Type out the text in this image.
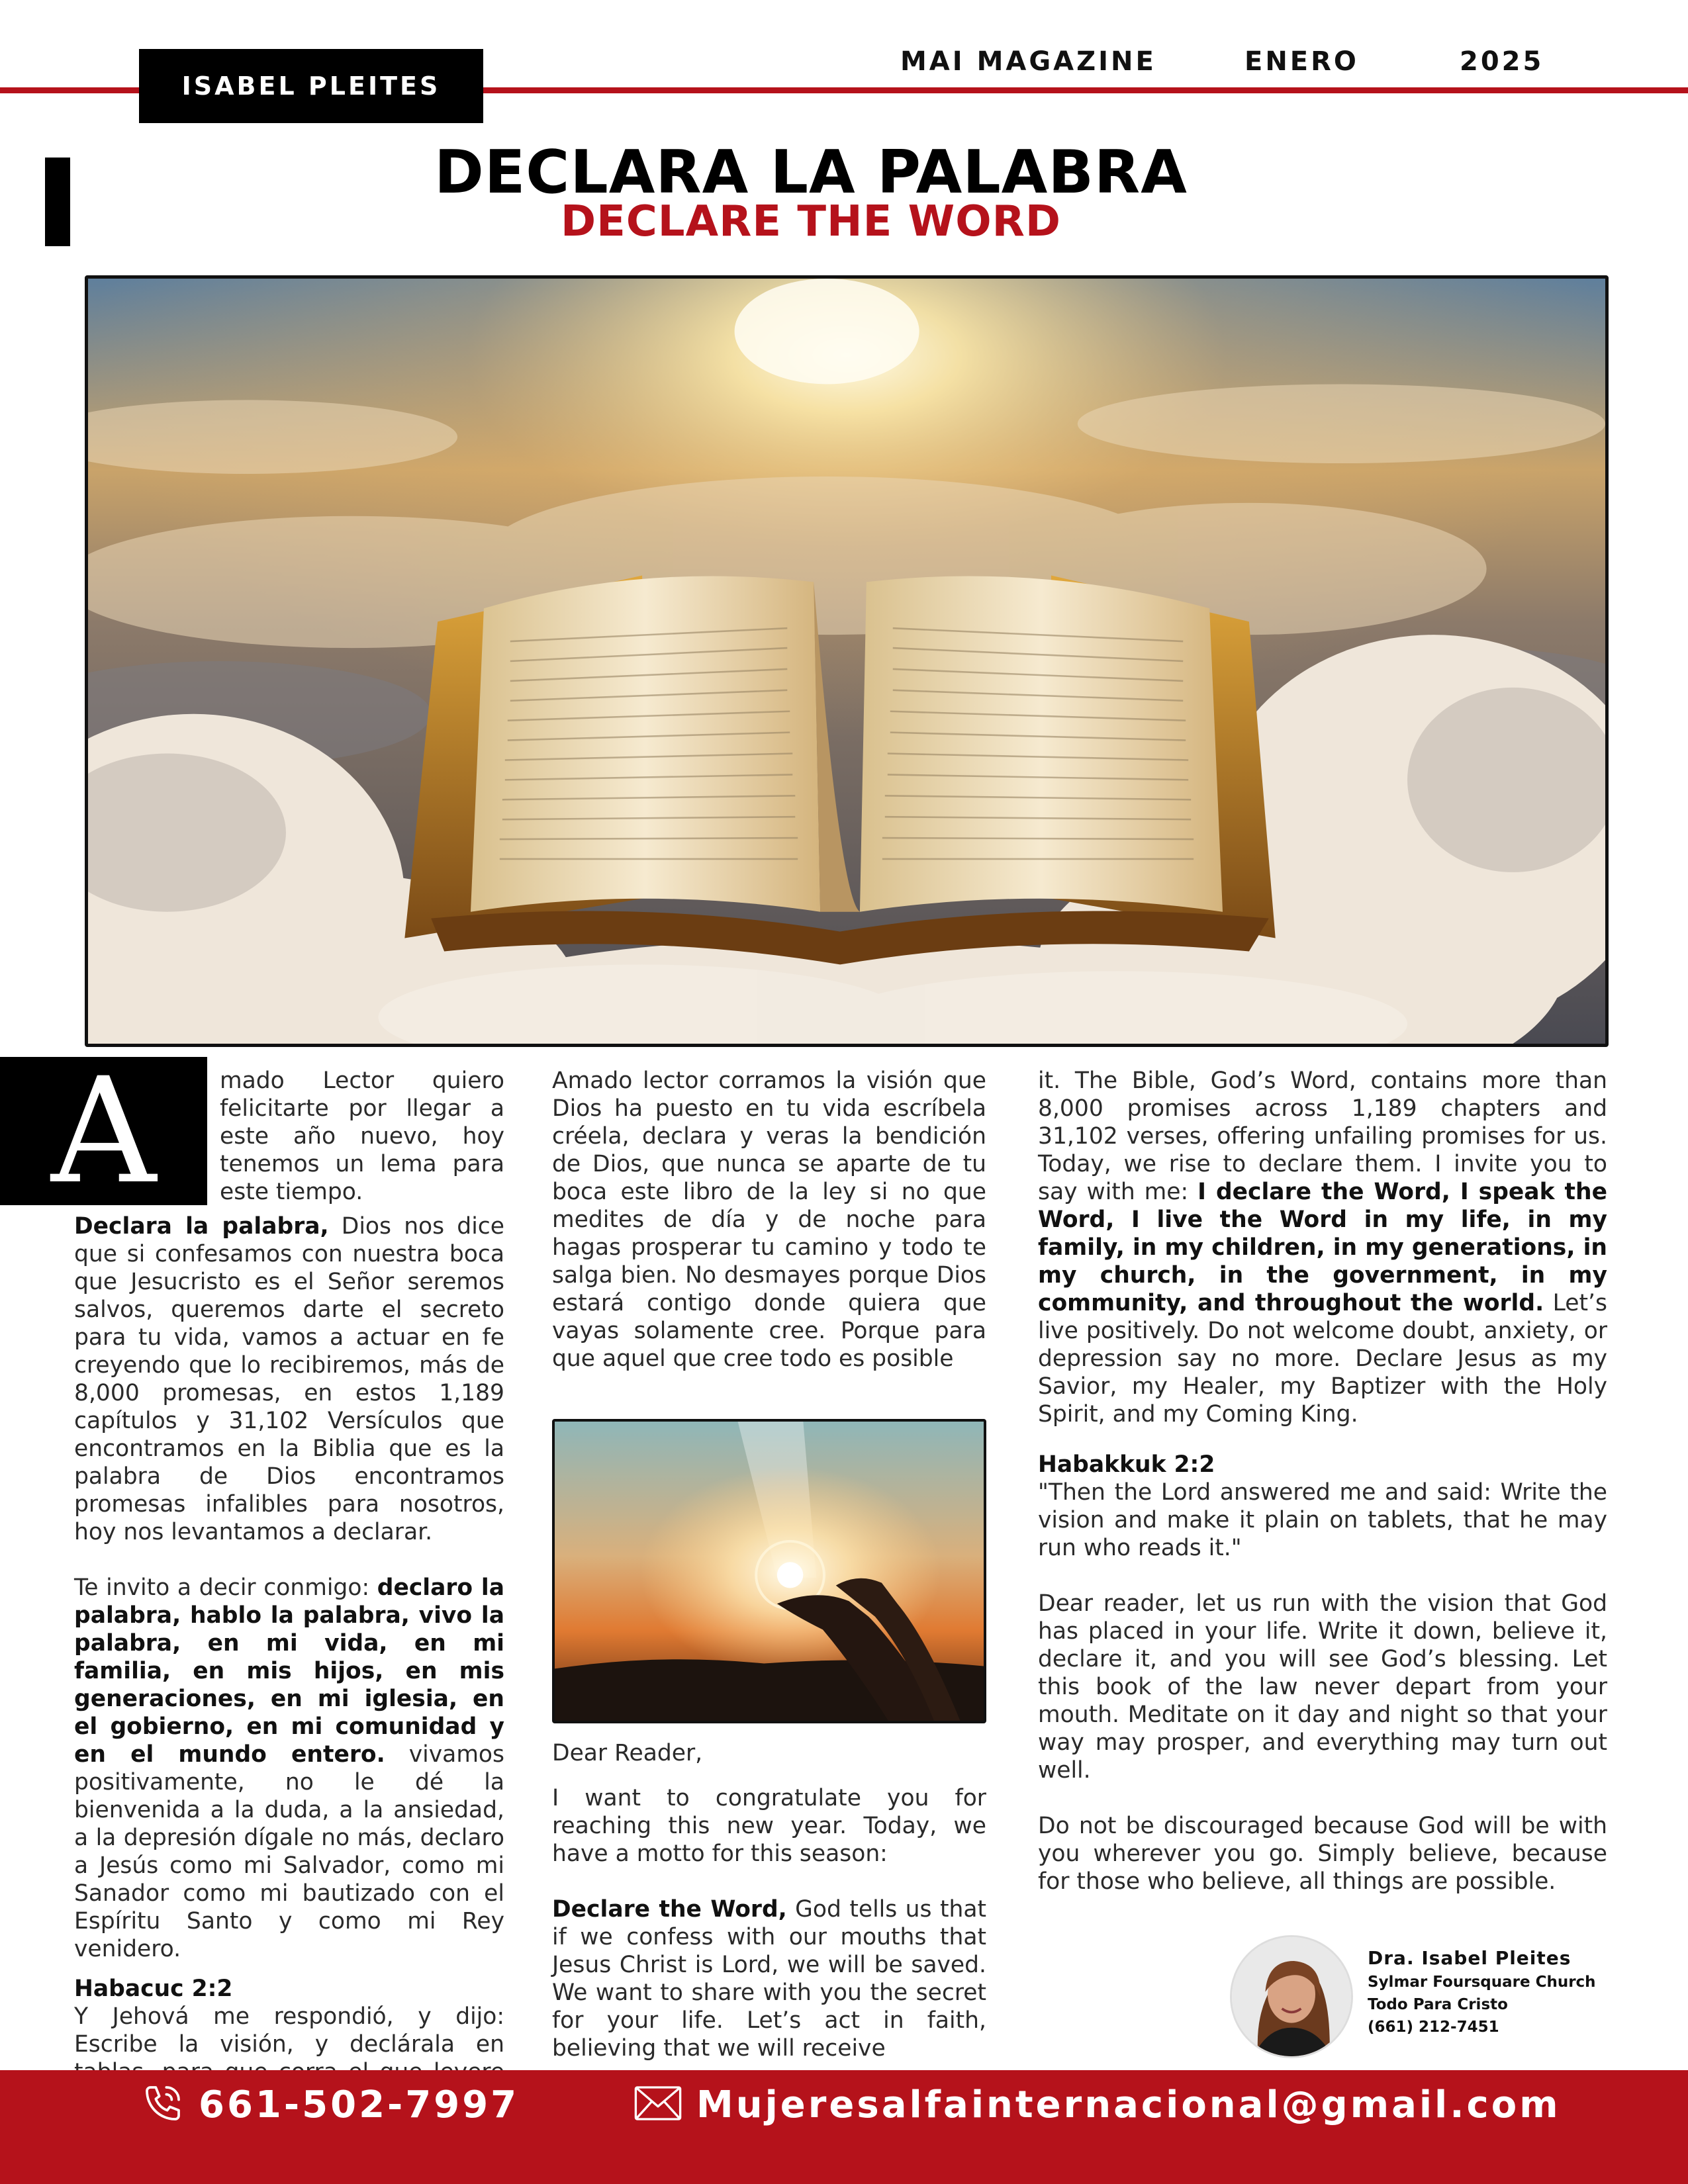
ISABEL PLEITES
MAI MAGAZINE	ENERO	2025
DECLARA LA PALABRA
DECLARE THE WORD
A	mado Lector quiero felicitarte por llegar a este año nuevo, hoy tenemos un lema para este tiempo.

Declara la palabra, Dios nos dice que si confesamos con nuestra boca que Jesucristo es el Señor seremos salvos, queremos darte el secreto para tu vida, vamos a actuar en fe creyendo que lo recibiremos, más de 8,000 promesas, en estos 1,189 capítulos y 31,102 Versículos que encontramos en la Biblia que es la palabra de Dios encontramos promesas infalibles para nosotros, hoy nos levantamos a declarar.

Te invito a decir conmigo: declaro la palabra, hablo la palabra, vivo la palabra, en mi vida, en mi familia, en mis hijos, en mis generaciones, en mi iglesia, en el gobierno, en mi comunidad y en el mundo entero. vivamos positivamente, no le dé la bienvenida a la duda, a la ansiedad, a la depresión dígale no más, declaro a Jesús como mi Salvador, como mi Sanador como mi bautizado con el Espíritu Santo y como mi Rey venidero.

Habacuc 2:2

Y Jehová me respondió, y dijo: Escribe la visión, y declárala en

Amado lector corramos la visión que Dios ha puesto en tu vida escríbela créela, declara y veras la bendición de Dios, que nunca se aparte de tu boca este libro de la ley si no que medites de día y de noche para hagas prosperar tu camino y todo te salga bien. No desmayes porque Dios estará contigo donde quiera que vayas solamente cree. Porque para que aquel que cree todo es posible

Dear Reader,

I want to congratulate you for reaching this new year. Today, we have a motto for this season:

Declare the Word, God tells us that if we confess with our mouths that Jesus Christ is Lord, we will be saved. We want to share with you the secret for your life. Let’s act in faith, believing that we will receive

it. The Bible, God’s Word, contains more than 8,000 promises across 1,189 chapters and 31,102 verses, offering unfailing promises for us. Today, we rise to declare them. I invite you to say with me: I declare the Word, I speak the Word, I live the Word in my life, in my family, in my children, in my generations, in my church, in the government, in my community, and throughout the world. Let’s live positively. Do not welcome doubt, anxiety, or depression say no more. Declare Jesus as my Savior, my Healer, my Baptizer with the Holy Spirit, and my Coming King.

Habakkuk 2:2

"Then the Lord answered me and said: Write the vision and make it plain on tablets, that he may run who reads it."

Dear reader, let us run with the vision that God has placed in your life. Write it down, believe it, declare it, and you will see God’s blessing. Let this book of the law never depart from your mouth. Meditate on it day and night so that your way may prosper, and everything may turn out well.

Do not be discouraged because God will be with you wherever you go. Simply believe, because for those who believe, all things are possible.

Dra. Isabel Pleites
Sylmar Foursquare Church
Todo Para Cristo
(661) 212-7451
661-502-7997	Mujeresalfainternacional@gmail.com
